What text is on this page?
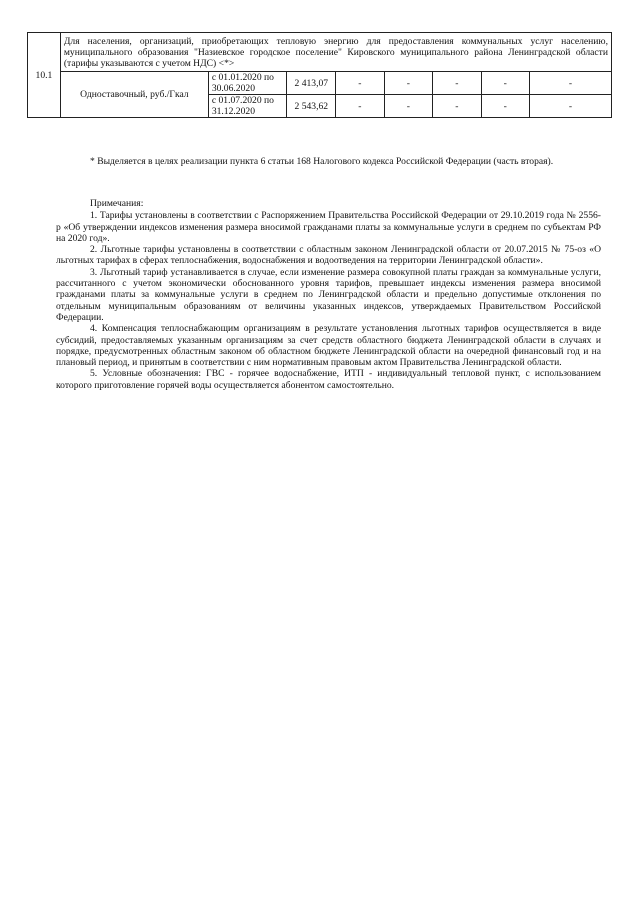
10.1	Для населения, организаций, приобретающих тепловую энергию для предоставления коммунальных услуг населению, муниципального образования "Назиевское городское поселение" Кировского муниципального района Ленинградской области (тарифы указываются с учетом НДС) <*>							
	Одноставочный, руб./Гкал	с 01.01.2020 по 30.06.2020	2 413,07	-	-	-	-	-
		с 01.07.2020 по 31.12.2020	2 543,62	-	-	-	-	-

* Выделяется в целях реализации пункта 6 статьи 168 Налогового кодекса Российской Федерации (часть вторая).

Примечания:

1. Тарифы установлены в соответствии с Распоряжением Правительства Российской Федерации от 29.10.2019 года № 2556-р «Об утверждении индексов изменения размера вносимой гражданами платы за коммунальные услуги в среднем по субъектам РФ на 2020 год».

2. Льготные тарифы установлены в соответствии с областным законом Ленинградской области от 20.07.2015 № 75-оз «О льготных тарифах в сферах теплоснабжения, водоснабжения и водоотведения на территории Ленинградской области».

3. Льготный тариф устанавливается в случае, если изменение размера совокупной платы граждан за коммунальные услуги, рассчитанного с учетом экономически обоснованного уровня тарифов, превышает индексы изменения размера вносимой гражданами платы за коммунальные услуги в среднем по Ленинградской области и предельно допустимые отклонения по отдельным муниципальным образованиям от величины указанных индексов, утверждаемых Правительством Российской Федерации.

4. Компенсация теплоснабжающим организациям в результате установления льготных тарифов осуществляется в виде субсидий, предоставляемых указанным организациям за счет средств областного бюджета Ленинградской области в случаях и порядке, предусмотренных областным законом об областном бюджете Ленинградской области на очередной финансовый год и на плановый период, и принятым в соответствии с ним нормативным правовым актом Правительства Ленинградской области.

5. Условные обозначения: ГВС - горячее водоснабжение, ИТП - индивидуальный тепловой пункт, с использованием которого приготовление горячей воды осуществляется абонентом самостоятельно.
